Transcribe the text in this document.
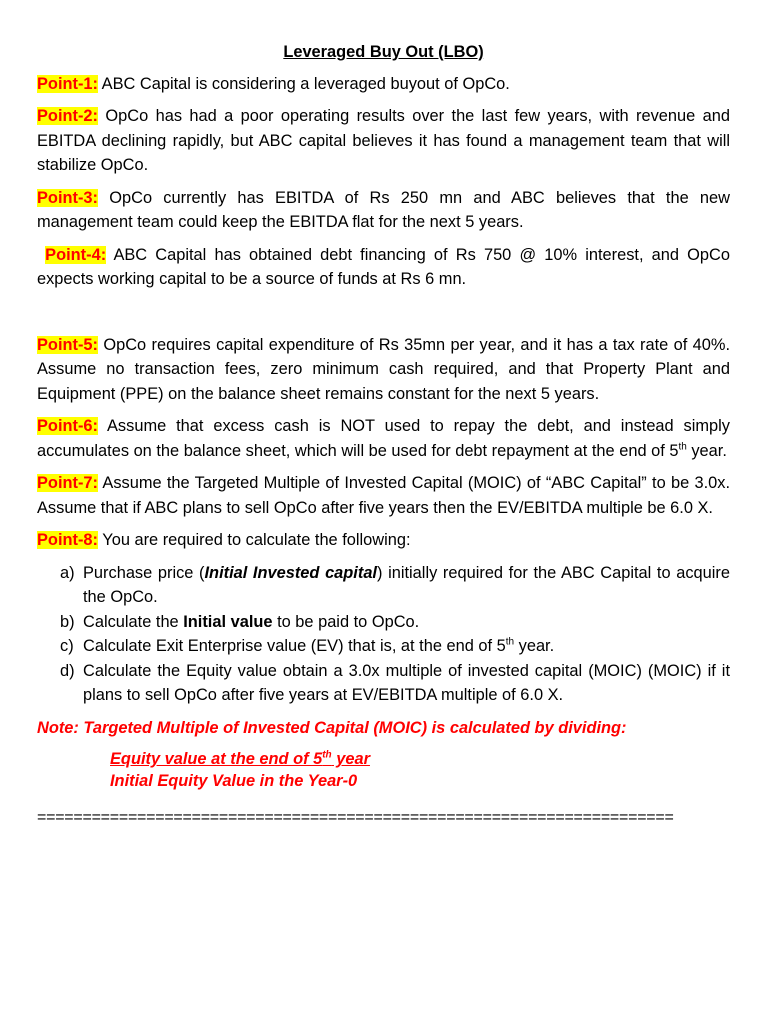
Leveraged Buy Out (LBO)

Point-1: ABC Capital is considering a leveraged buyout of OpCo.

Point-2: OpCo has had a poor operating results over the last few years, with revenue and EBITDA declining rapidly, but ABC capital believes it has found a management team that will stabilize OpCo.

Point-3: OpCo currently has EBITDA of Rs 250 mn and ABC believes that the new management team could keep the EBITDA flat for the next 5 years.

Point-4: ABC Capital has obtained debt financing of Rs 750 @ 10% interest, and OpCo expects working capital to be a source of funds at Rs 6 mn.

Point-5: OpCo requires capital expenditure of Rs 35mn per year, and it has a tax rate of 40%. Assume no transaction fees, zero minimum cash required, and that Property Plant and Equipment (PPE) on the balance sheet remains constant for the next 5 years.

Point-6: Assume that excess cash is NOT used to repay the debt, and instead simply accumulates on the balance sheet, which will be used for debt repayment at the end of 5th year.

Point-7: Assume the Targeted Multiple of Invested Capital (MOIC) of “ABC Capital” to be 3.0x. Assume that if ABC plans to sell OpCo after five years then the EV/EBITDA multiple be 6.0 X.

Point-8: You are required to calculate the following:

a) Purchase price (Initial Invested capital) initially required for the ABC Capital to acquire the OpCo.
b) Calculate the Initial value to be paid to OpCo.
c) Calculate Exit Enterprise value (EV) that is, at the end of 5th year.
d) Calculate the Equity value obtain a 3.0x multiple of invested capital (MOIC) (MOIC) if it plans to sell OpCo after five years at EV/EBITDA multiple of 6.0 X.

Note: Targeted Multiple of Invested Capital (MOIC) is calculated by dividing:

Equity value at the end of 5th year
Initial Equity Value in the Year-0
======================================================================
